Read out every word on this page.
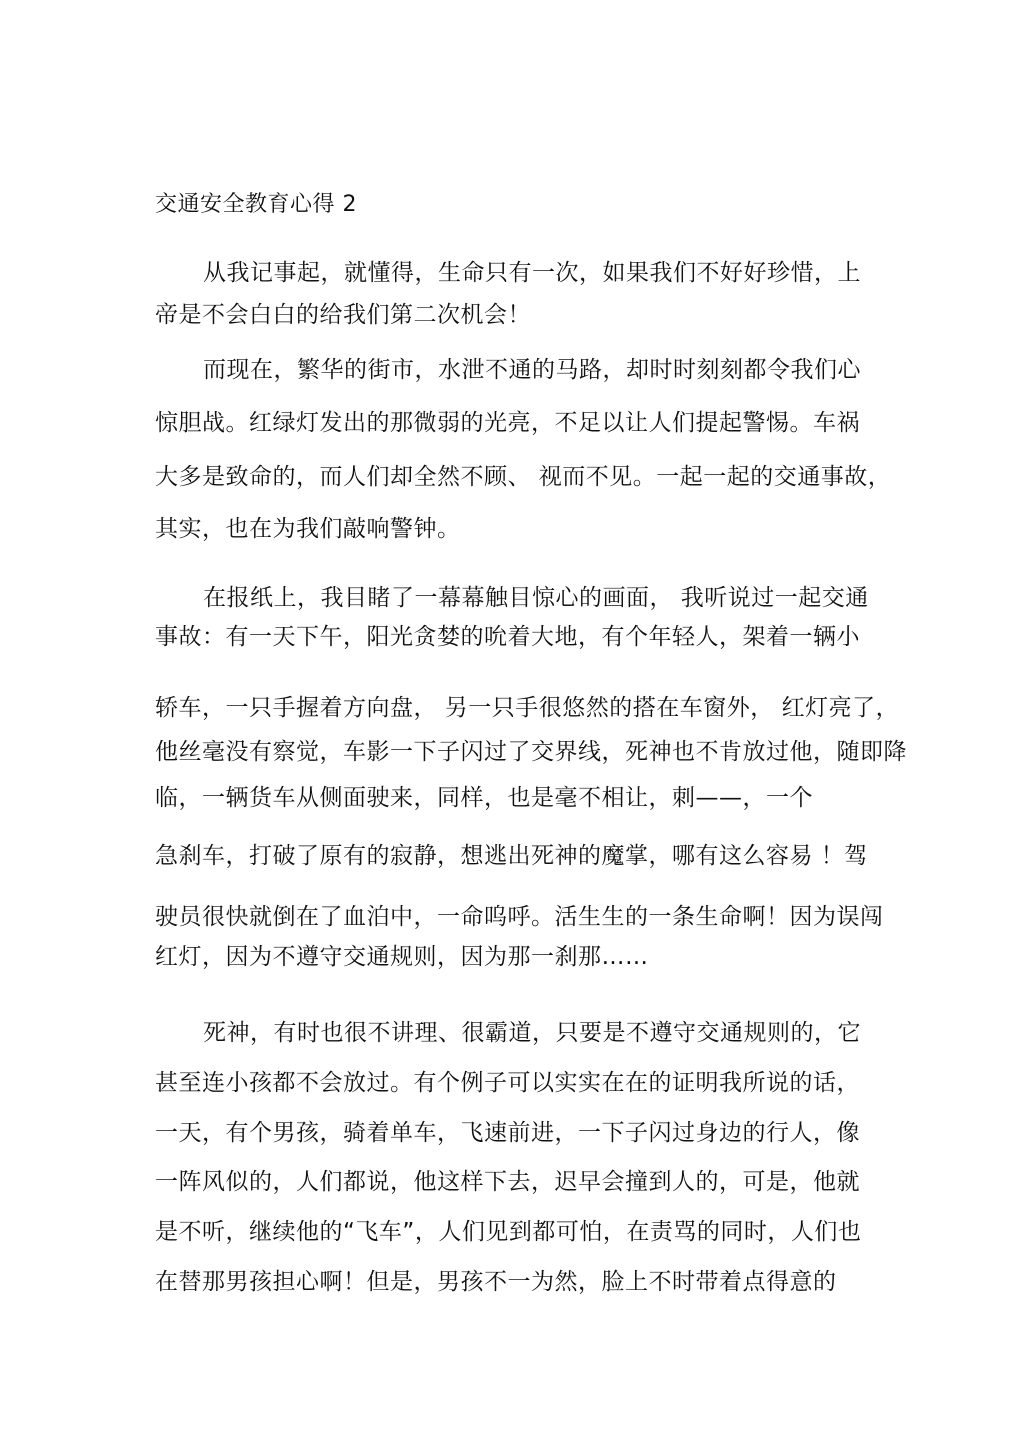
交通安全教育心得 2
从我记事起，就懂得，生命只有一次，如果我们不好好珍惜，上
帝是不会白白的给我们第二次机会！
而现在，繁华的街市，水泄不通的马路，却时时刻刻都令我们心
惊胆战。红绿灯发出的那微弱的光亮，不足以让人们提起警惕。车祸
大多是致命的，而人们却全然不顾、 视而不见。一起一起的交通事故，
其实，也在为我们敲响警钟。
在报纸上，我目睹了一幕幕触目惊心的画面， 我听说过一起交通
事故：有一天下午，阳光贪婪的吮着大地，有个年轻人，架着一辆小
轿车，一只手握着方向盘， 另一只手很悠然的搭在车窗外， 红灯亮了，
他丝毫没有察觉，车影一下子闪过了交界线，死神也不肯放过他，随即降
临，一辆货车从侧面驶来，同样，也是毫不相让，刺——，一个
急刹车，打破了原有的寂静，想逃出死神的魔掌，哪有这么容易 ！驾
驶员很快就倒在了血泊中，一命呜呼。活生生的一条生命啊！因为误闯
红灯，因为不遵守交通规则，因为那一刹那……
死神，有时也很不讲理、很霸道，只要是不遵守交通规则的，它
甚至连小孩都不会放过。有个例子可以实实在在的证明我所说的话，
一天，有个男孩，骑着单车，飞速前进，一下子闪过身边的行人，像
一阵风似的，人们都说，他这样下去，迟早会撞到人的，可是，他就
是不听，继续他的“飞车”，人们见到都可怕，在责骂的同时，人们也
在替那男孩担心啊！但是，男孩不一为然，脸上不时带着点得意的
